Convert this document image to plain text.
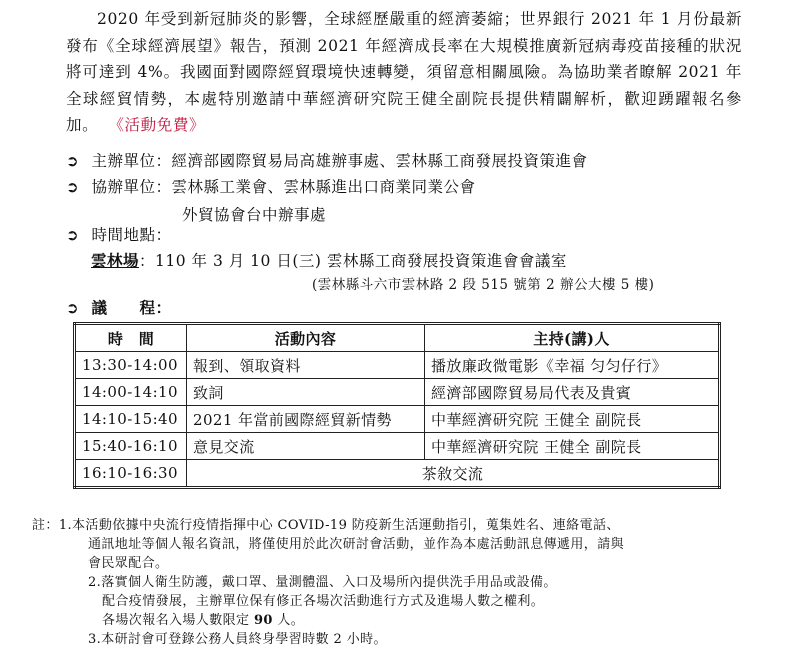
2020 年受到新冠肺炎的影響，全球經歷嚴重的經濟萎縮；世界銀行 2021 年 1 月份最新發布《全球經濟展望》報告，預測 2021 年經濟成長率在大規模推廣新冠病毒疫苗接種的狀況將可達到 4%。我國面對國際經貿環境快速轉變，須留意相關風險。為協助業者瞭解 2021 年全球經貿情勢，本處特別邀請中華經濟研究院王健全副院長提供精闢解析，歡迎踴躍報名參加。 《活動免費》

➲ 主辦單位：經濟部國際貿易局高雄辦事處、雲林縣工商發展投資策進會
➲ 協辦單位：雲林縣工業會、雲林縣進出口商業同業公會
外貿協會台中辦事處
➲ 時間地點：
雲林場：110 年 3 月 10 日(三) 雲林縣工商發展投資策進會會議室
(雲林縣斗六市雲林路 2 段 515 號第 2 辦公大樓 5 樓)
➲ 議　　程：
時　間	活動內容	主持(講)人
13:30-14:00	報到、領取資料	播放廉政微電影《幸福 匀匀仔行》
14:00-14:10	致詞	經濟部國際貿易局代表及貴賓
14:10-15:40	2021 年當前國際經貿新情勢	中華經濟研究院 王健全 副院長
15:40-16:10	意見交流	中華經濟研究院 王健全 副院長
16:10-16:30	茶敘交流	
註：1.本活動依據中央流行疫情指揮中心 COVID-19 防疫新生活運動指引，蒐集姓名、連絡電話、
通訊地址等個人報名資訊，將僅使用於此次研討會活動，並作為本處活動訊息傳遞用，請與
會民眾配合。
2.落實個人衛生防護，戴口罩、量測體溫、入口及場所內提供洗手用品或設備。
配合疫情發展，主辦單位保有修正各場次活動進行方式及進場人數之權利。
各場次報名入場人數限定 90 人。
3.本研討會可登錄公務人員終身學習時數 2 小時。
